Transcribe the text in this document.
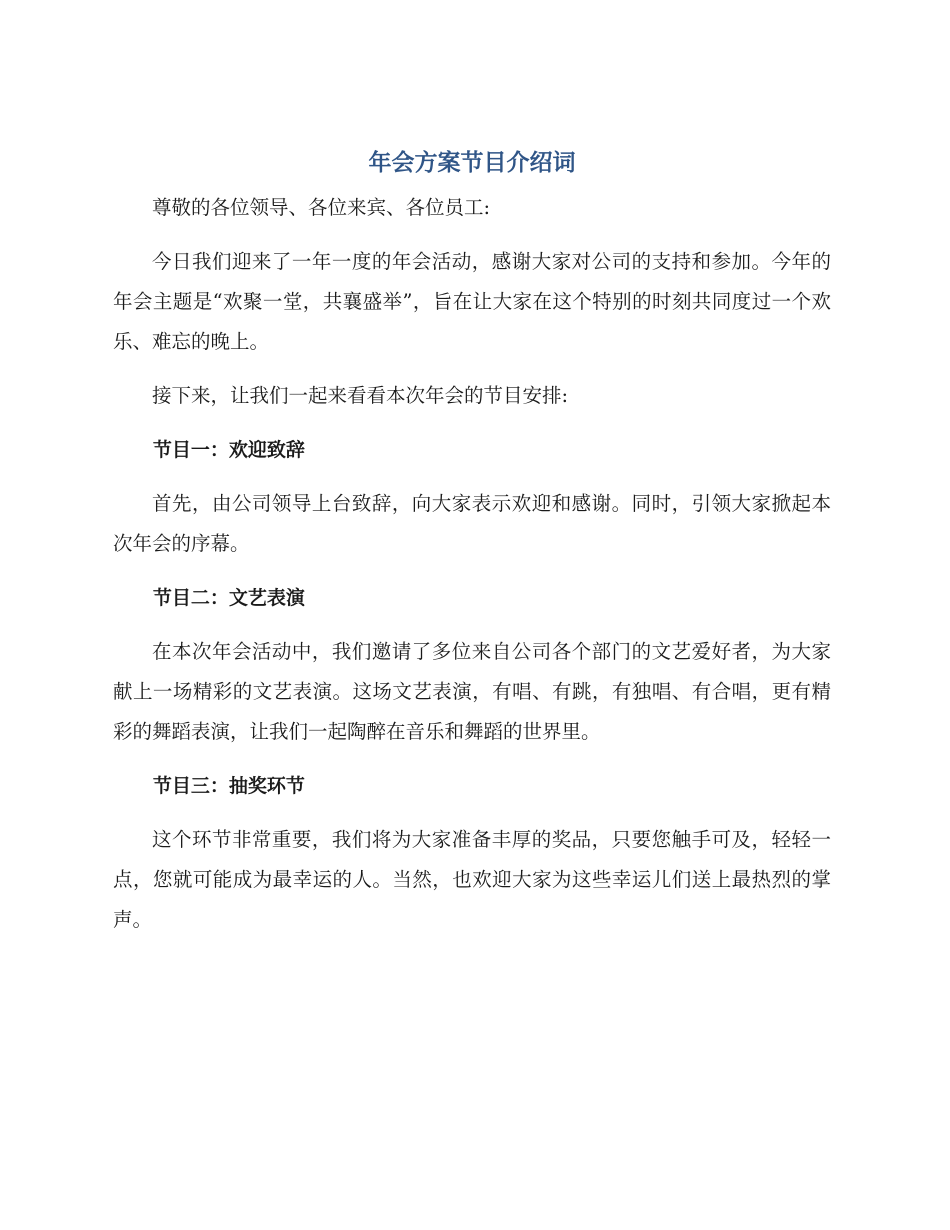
年会方案节目介绍词

尊敬的各位领导、各位来宾、各位员工:

今日我们迎来了一年一度的年会活动，感谢大家对公司的支持和参加。今年的年会主题是“欢聚一堂，共襄盛举”，旨在让大家在这个特别的时刻共同度过一个欢乐、难忘的晚上。

接下来，让我们一起来看看本次年会的节目安排:

节目一：欢迎致辞

首先，由公司领导上台致辞，向大家表示欢迎和感谢。同时，引领大家掀起本次年会的序幕。

节目二：文艺表演

在本次年会活动中，我们邀请了多位来自公司各个部门的文艺爱好者，为大家献上一场精彩的文艺表演。这场文艺表演，有唱、有跳，有独唱、有合唱，更有精彩的舞蹈表演，让我们一起陶醉在音乐和舞蹈的世界里。

节目三：抽奖环节

这个环节非常重要，我们将为大家准备丰厚的奖品，只要您触手可及，轻轻一点，您就可能成为最幸运的人。当然，也欢迎大家为这些幸运儿们送上最热烈的掌声。
